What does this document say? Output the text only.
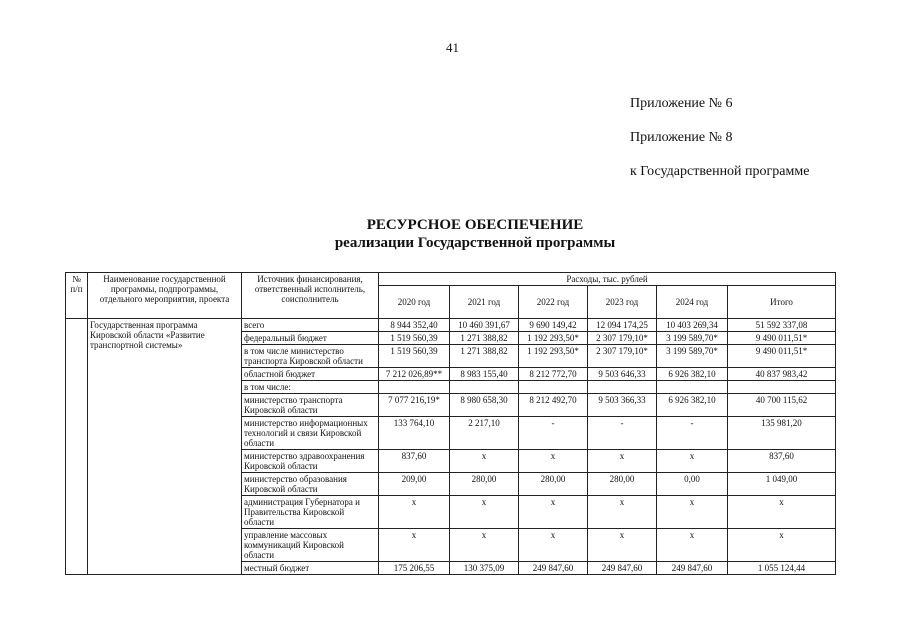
41
Приложение № 6
Приложение № 8
к Государственной программе
РЕСУРСНОЕ ОБЕСПЕЧЕНИЕ
реализации Государственной программы
№ п/п	Наименование государственной программы, подпрограммы, отдельного мероприятия, проекта	Источник финансирования, ответственный исполнитель, соисполнитель	Расходы, тыс. рублей					
			2020 год	2021 год	2022 год	2023 год	2024 год	Итого
	Государственная программа Кировской области «Развитие транспортной системы»	всего	8 944 352,40	10 460 391,67	9 690 149,42	12 094 174,25	10 403 269,34	51 592 337,08
		федеральный бюджет	1 519 560,39	1 271 388,82	1 192 293,50*	2 307 179,10*	3 199 589,70*	9 490 011,51*
		в том числе министерство транспорта Кировской области	1 519 560,39	1 271 388,82	1 192 293,50*	2 307 179,10*	3 199 589,70*	9 490 011,51*
		областной бюджет	7 212 026,89**	8 983 155,40	8 212 772,70	9 503 646,33	6 926 382,10	40 837 983,42
		в том числе:						
		министерство транспорта Кировской области	7 077 216,19*	8 980 658,30	8 212 492,70	9 503 366,33	6 926 382,10	40 700 115,62
		министерство информационных технологий и связи Кировской области	133 764,10	2 217,10	-	-	-	135 981,20
		министерство здравоохранения Кировской области	837,60	х	х	х	х	837,60
		министерство образования Кировской области	209,00	280,00	280,00	280,00	0,00	1 049,00
		администрация Губернатора и Правительства Кировской области	х	х	х	х	х	х
		управление массовых коммуникаций Кировской области	х	х	х	х	х	х
		местный бюджет	175 206,55	130 375,09	249 847,60	249 847,60	249 847,60	1 055 124,44
